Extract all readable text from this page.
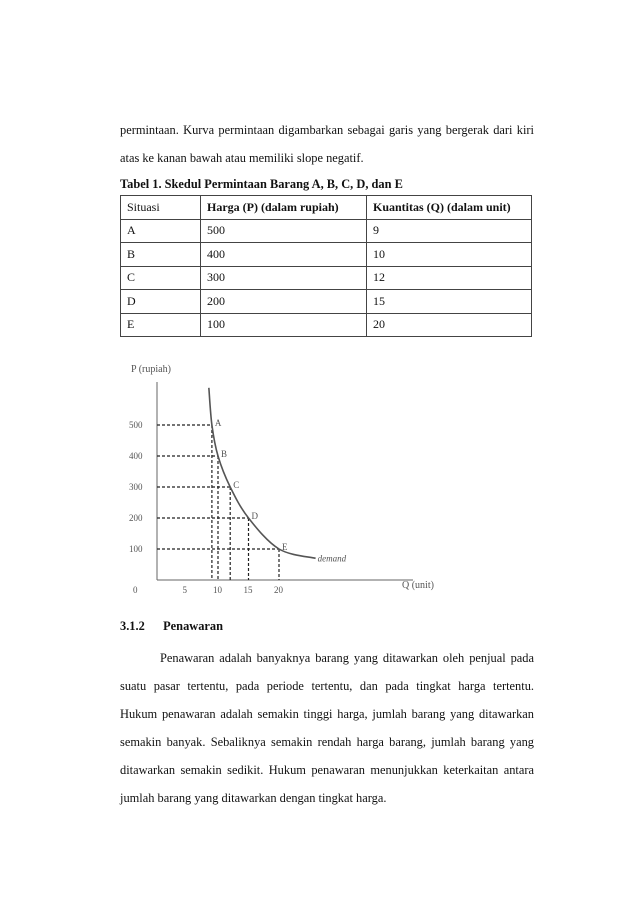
permintaan. Kurva permintaan digambarkan sebagai garis yang bergerak dari kiri
atas ke kanan bawah atau memiliki slope negatif.
Tabel 1. Skedul Permintaan Barang A, B, C, D, dan E
Situasi	Harga (P) (dalam rupiah)	Kuantitas (Q) (dalam unit)
A	500	9
B	400	10
C	300	12
D	200	15
E	100	20
P (rupiah)
Q (unit)
500
400
300
200
100
0	5	10 15 20
A
B
C
D
E
demand
3.1.2 Penawaran
Penawaran adalah banyaknya barang yang ditawarkan oleh penjual pada
suatu pasar tertentu, pada periode tertentu, dan pada tingkat harga tertentu.
Hukum penawaran adalah semakin tinggi harga, jumlah barang yang ditawarkan
semakin banyak. Sebaliknya semakin rendah harga barang, jumlah barang yang
ditawarkan semakin sedikit. Hukum penawaran menunjukkan keterkaitan antara
jumlah barang yang ditawarkan dengan tingkat harga.
